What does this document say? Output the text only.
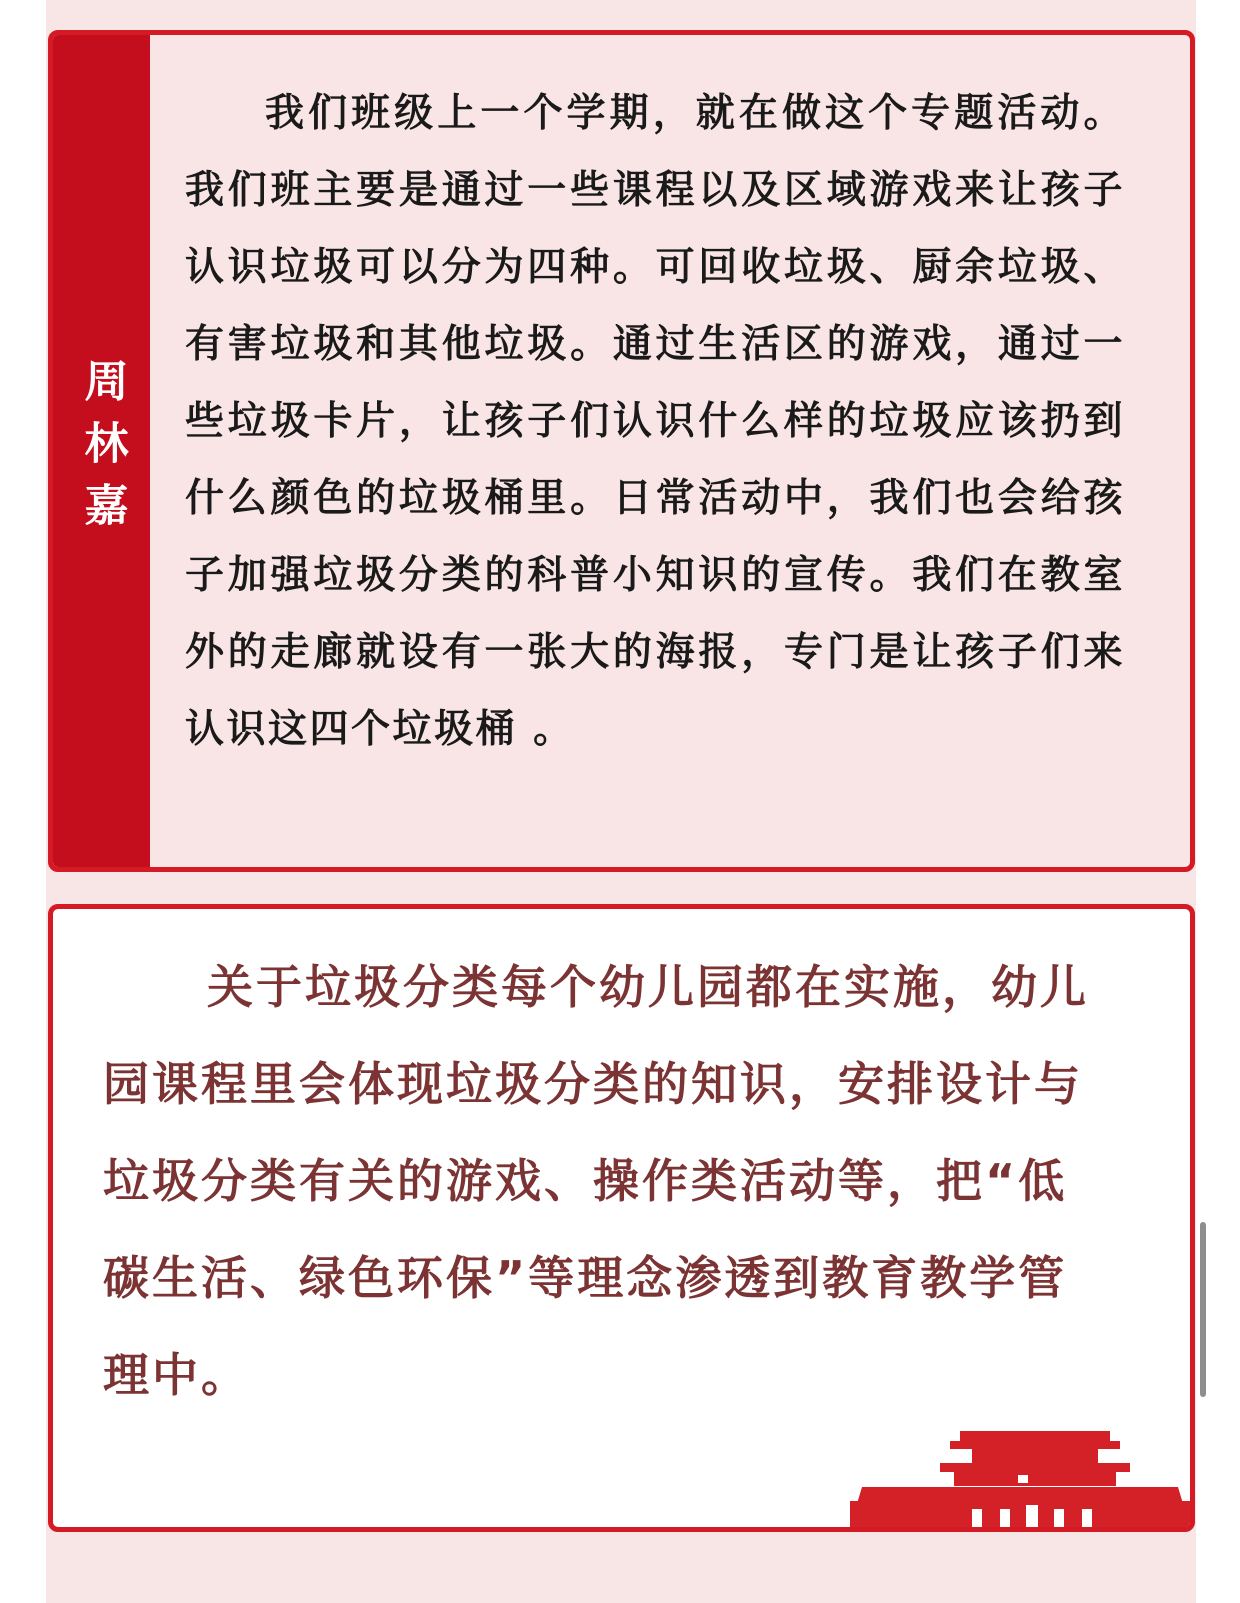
周林嘉

我们班级上一个学期，就在做这个专题活动。我们班主要是通过一些课程以及区域游戏来让孩子认识垃圾可以分为四种。可回收垃圾、厨余垃圾、有害垃圾和其他垃圾。通过生活区的游戏，通过一些垃圾卡片，让孩子们认识什么样的垃圾应该扔到什么颜色的垃圾桶里。日常活动中，我们也会给孩子加强垃圾分类的科普小知识的宣传。我们在教室外的走廊就设有一张大的海报，专门是让孩子们来认识这四个垃圾桶 。

关于垃圾分类每个幼儿园都在实施，幼儿园课程里会体现垃圾分类的知识，安排设计与垃圾分类有关的游戏、操作类活动等，把“低碳生活、绿色环保”等理念渗透到教育教学管理中。
